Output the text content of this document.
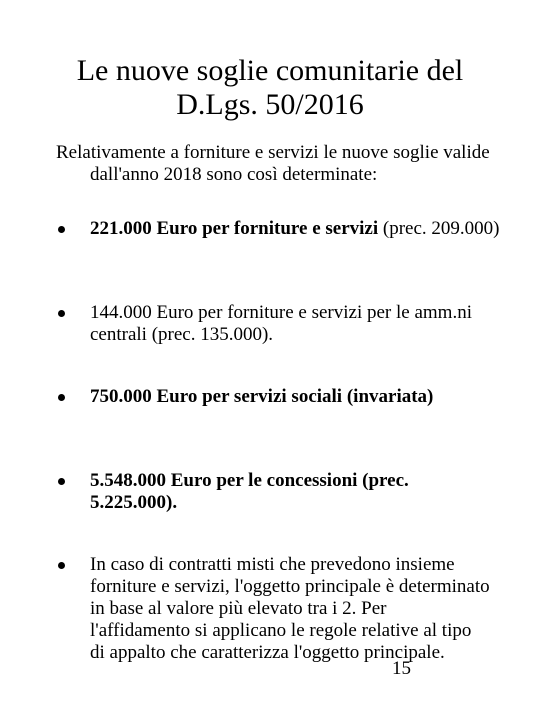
Le nuove soglie comunitarie del
D.Lgs. 50/2016
Relativamente a forniture e servizi le nuove soglie valide dall'anno 2018 sono così determinate:
221.000 Euro per forniture e servizi (prec. 209.000)
144.000 Euro per forniture e servizi per le amm.ni centrali (prec. 135.000).
750.000 Euro per servizi sociali (invariata)
5.548.000 Euro per le concessioni (prec. 5.225.000).
In caso di contratti misti che prevedono insieme forniture e servizi, l'oggetto principale è determinato in base al valore più elevato tra i 2. Per l'affidamento si applicano le regole relative al tipo di appalto che caratterizza l'oggetto principale.
15
